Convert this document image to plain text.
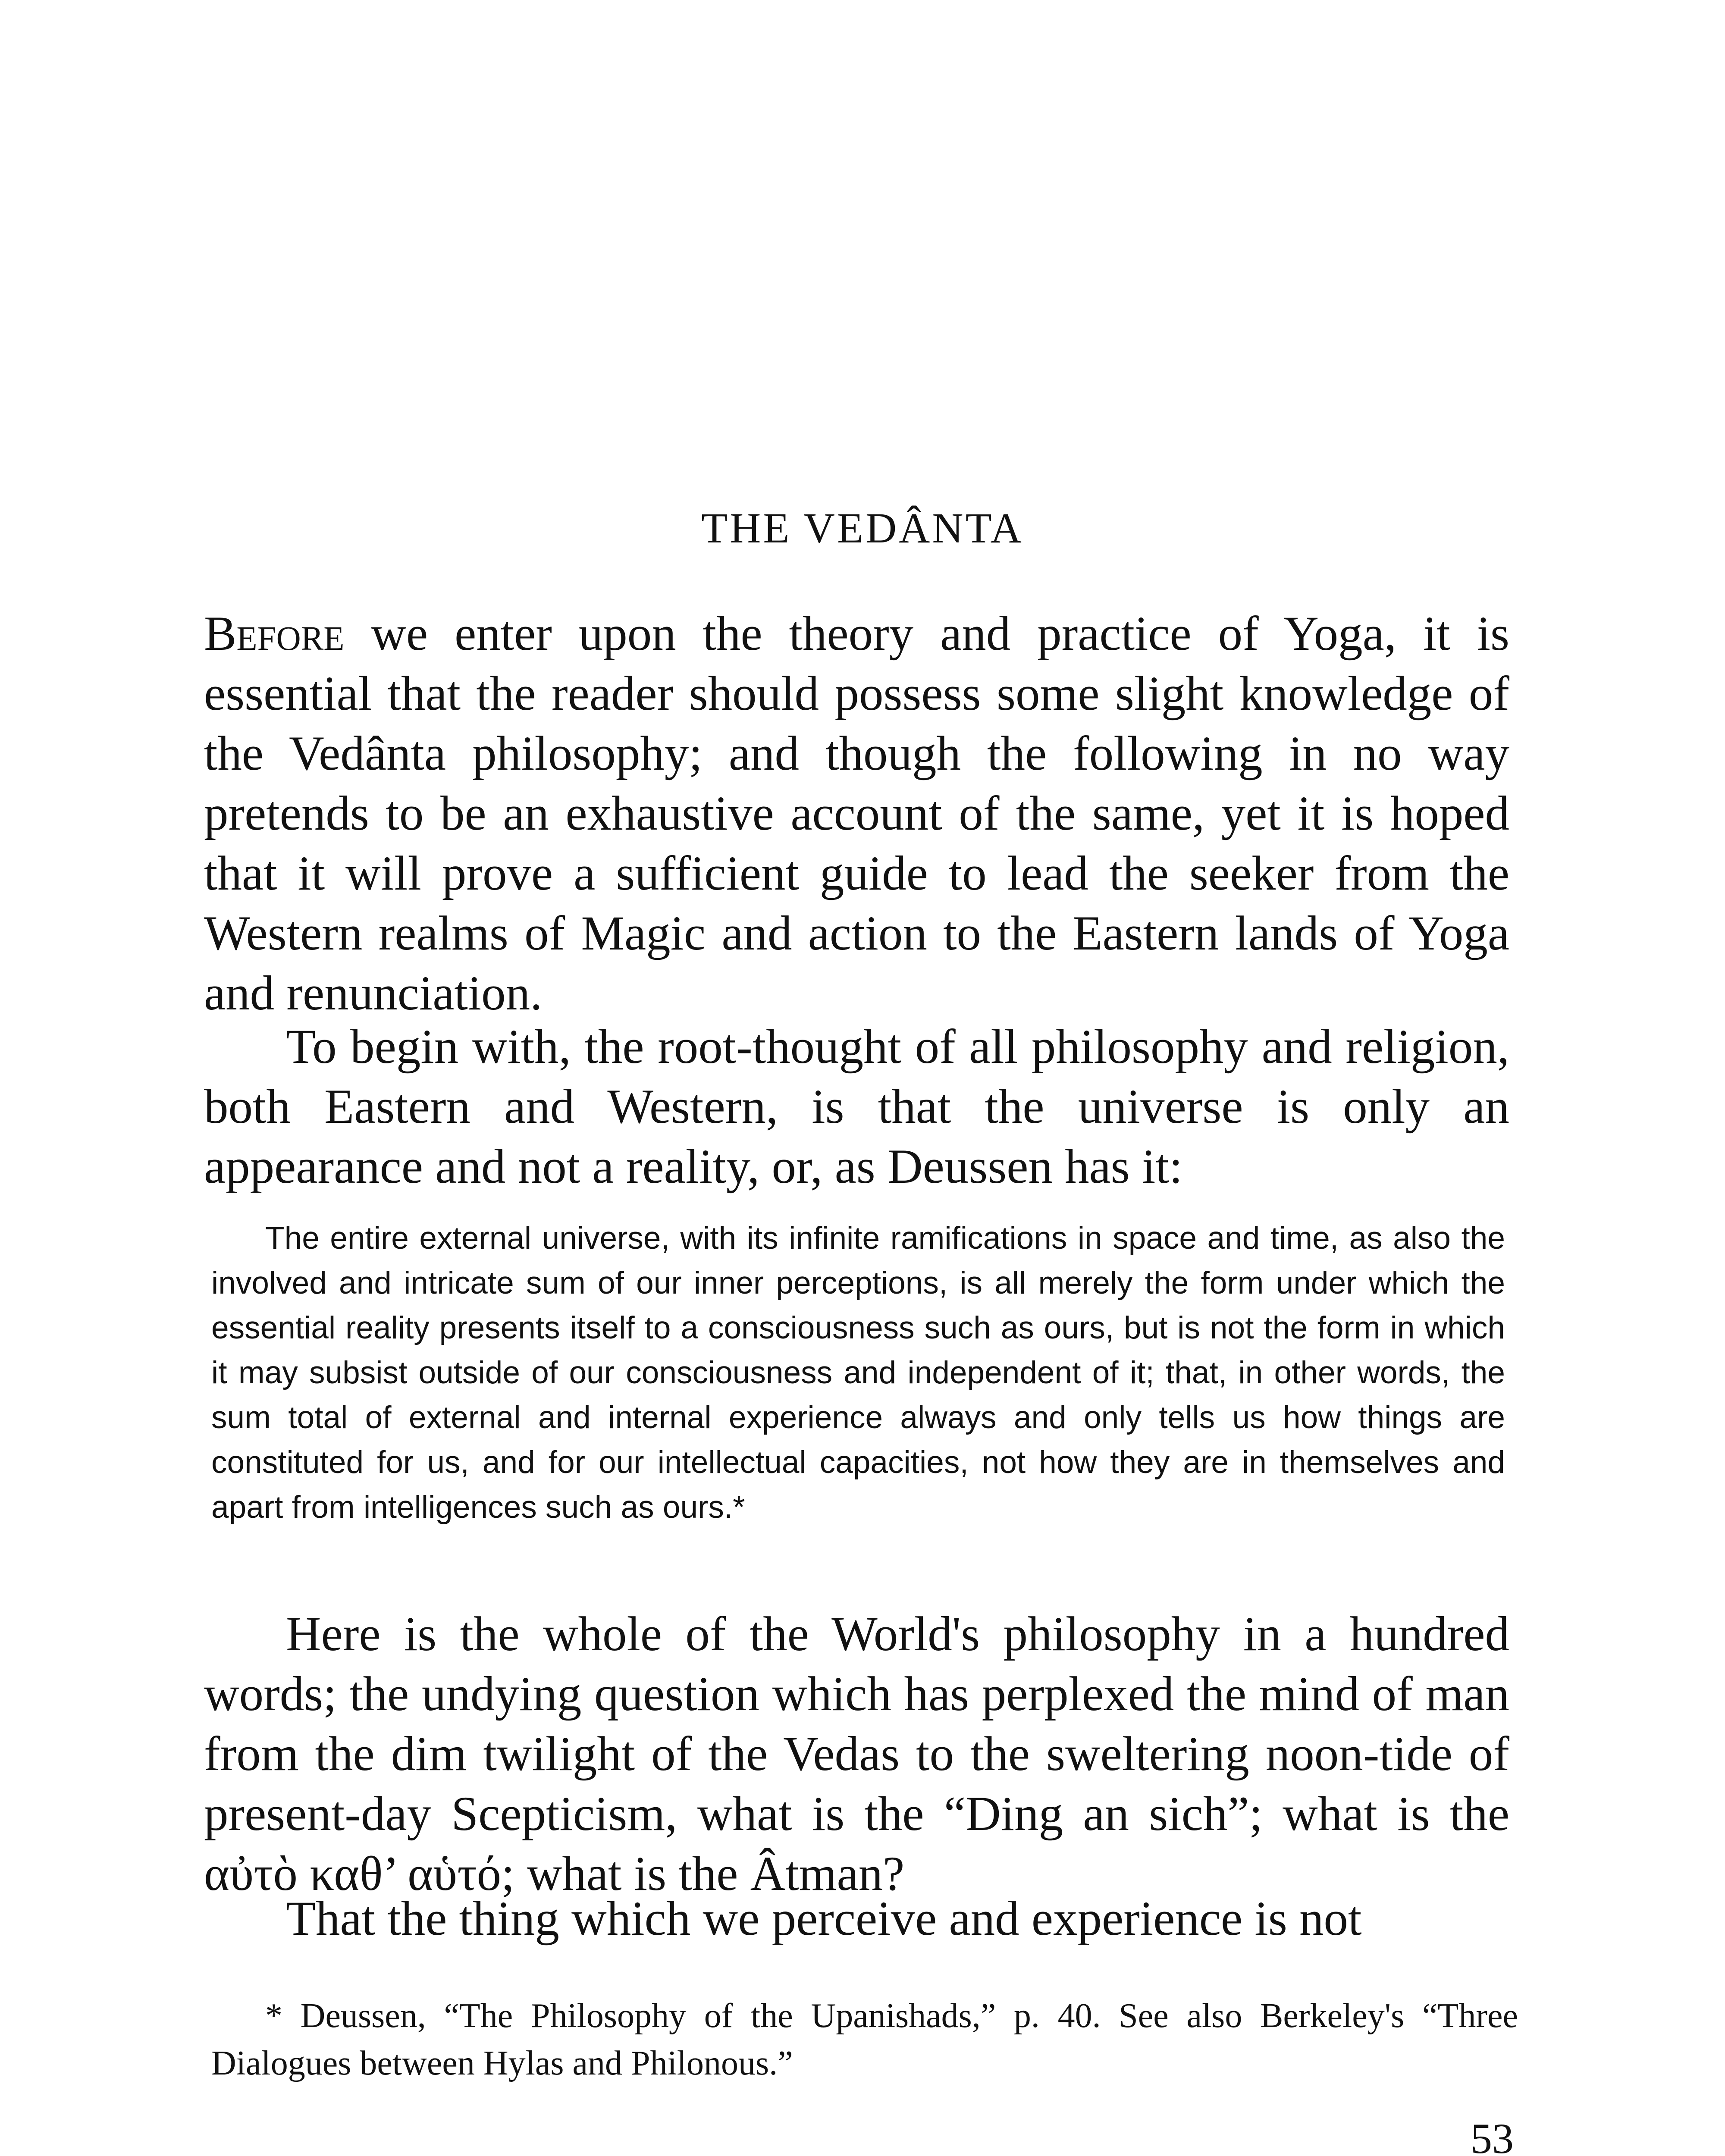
THE VEDÂNTA

Before we enter upon the theory and practice of Yoga, it is essential that the reader should possess some slight knowledge of the Vedânta philosophy; and though the following in no way pretends to be an exhaustive account of the same, yet it is hoped that it will prove a sufficient guide to lead the seeker from the Western realms of Magic and action to the Eastern lands of Yoga and renunciation.

To begin with, the root-thought of all philosophy and religion, both Eastern and Western, is that the universe is only an appearance and not a reality, or, as Deussen has it:

The entire external universe, with its infinite ramifications in space and time, as also the involved and intricate sum of our inner perceptions, is all merely the form under which the essential reality presents itself to a consciousness such as ours, but is not the form in which it may subsist outside of our consciousness and independent of it; that, in other words, the sum total of external and internal experience always and only tells us how things are constituted for us, and for our intellectual capacities, not how they are in themselves and apart from intelligences such as ours.*

Here is the whole of the World's philosophy in a hundred words; the undying question which has perplexed the mind of man from the dim twilight of the Vedas to the sweltering noon-tide of present-day Scepticism, what is the “Ding an sich”; what is the αὐτὸ καθ’ αὑτό; what is the Âtman?

That the thing which we perceive and experience is not

* Deussen, “The Philosophy of the Upanishads,” p. 40. See also Berkeley's “Three Dialogues between Hylas and Philonous.”

53
